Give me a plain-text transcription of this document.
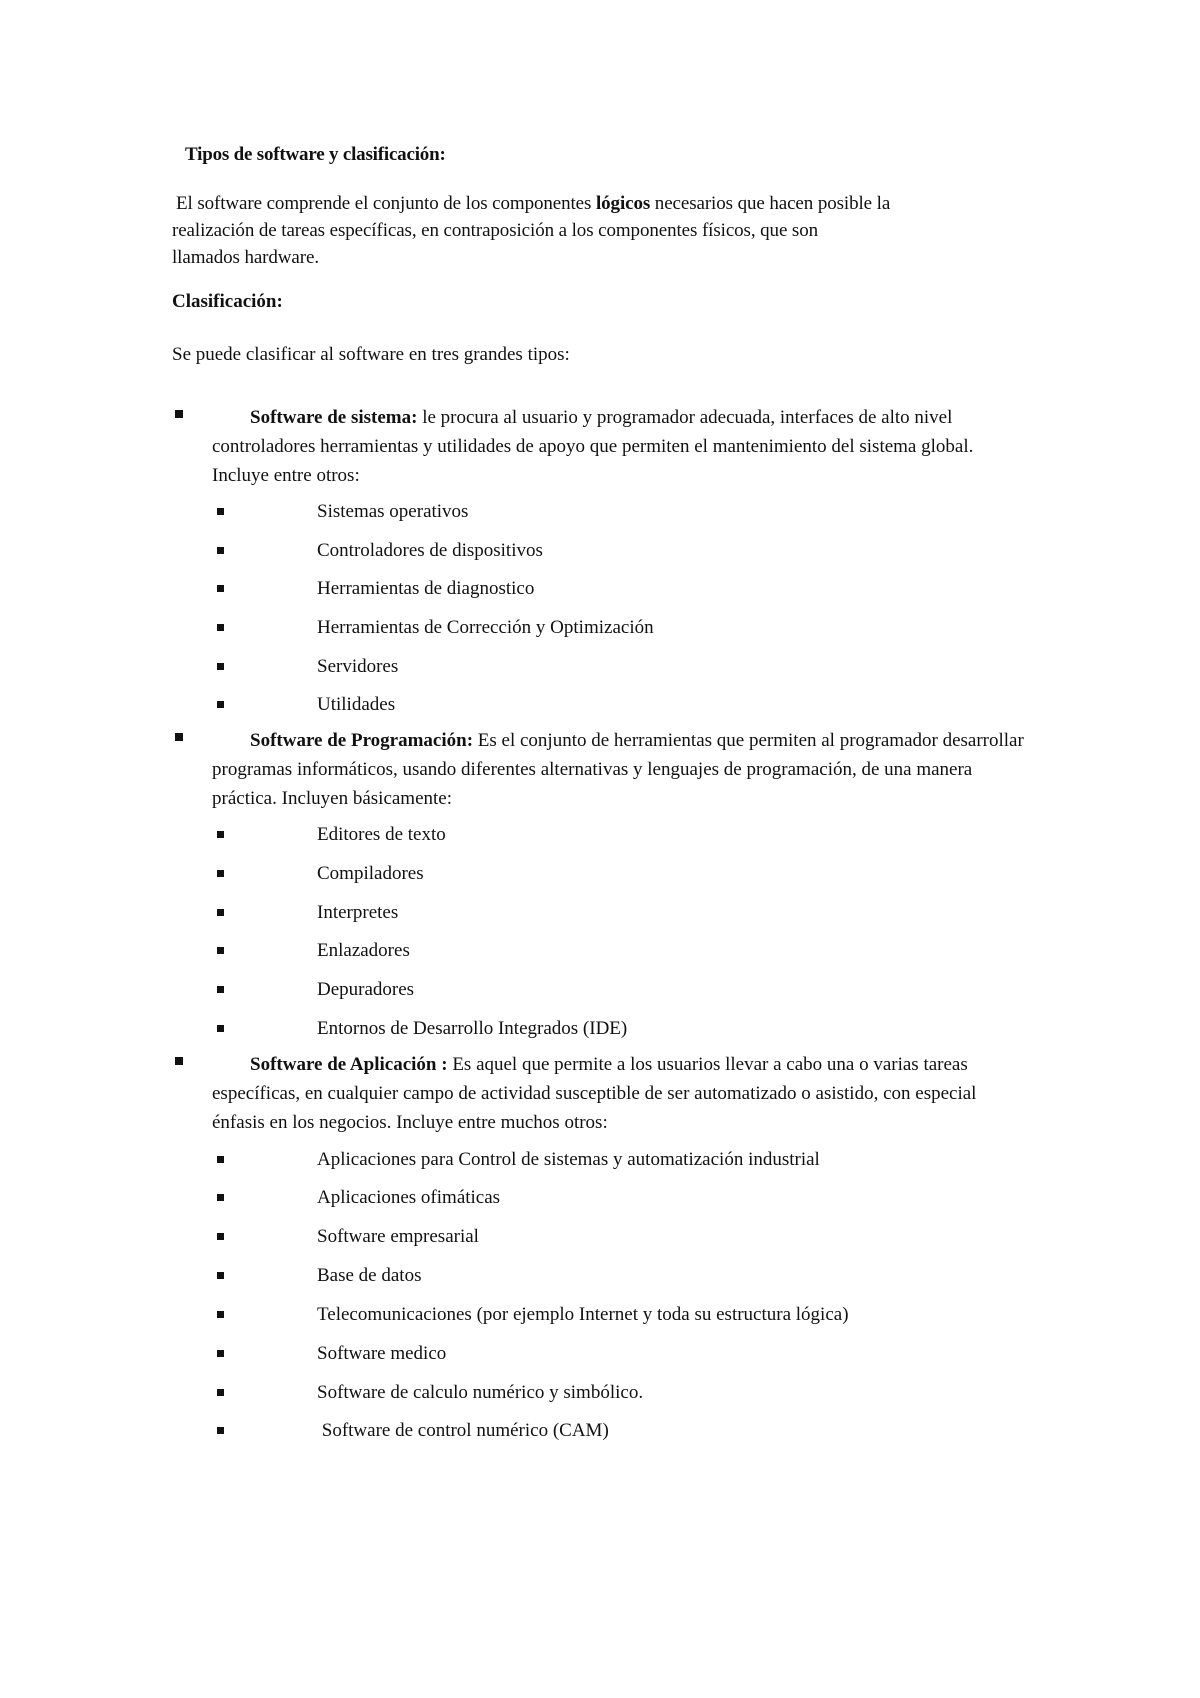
Tipos de software y clasificación:
El software comprende el conjunto de los componentes lógicos necesarios que hacen posible la
realización de tareas específicas, en contraposición a los componentes físicos, que son
llamados hardware.
Clasificación:
Se puede clasificar al software en tres grandes tipos:
Software de sistema: le procura al usuario y programador adecuada, interfaces de alto nivel controladores herramientas y utilidades de apoyo que permiten el mantenimiento del sistema global. Incluye entre otros:
Sistemas operativos
Controladores de dispositivos
Herramientas de diagnostico
Herramientas de Corrección y Optimización
Servidores
Utilidades
Software de Programación: Es el conjunto de herramientas que permiten al programador desarrollar programas informáticos, usando diferentes alternativas y lenguajes de programación, de una manera práctica. Incluyen básicamente:
Editores de texto
Compiladores
Interpretes
Enlazadores
Depuradores
Entornos de Desarrollo Integrados (IDE)
Software de Aplicación : Es aquel que permite a los usuarios llevar a cabo una o varias tareas específicas, en cualquier campo de actividad susceptible de ser automatizado o asistido, con especial énfasis en los negocios. Incluye entre muchos otros:
Aplicaciones para Control de sistemas y automatización industrial
Aplicaciones ofimáticas
Software empresarial
Base de datos
Telecomunicaciones (por ejemplo Internet y toda su estructura lógica)
Software medico
Software de calculo numérico y simbólico.
Software de control numérico (CAM)
